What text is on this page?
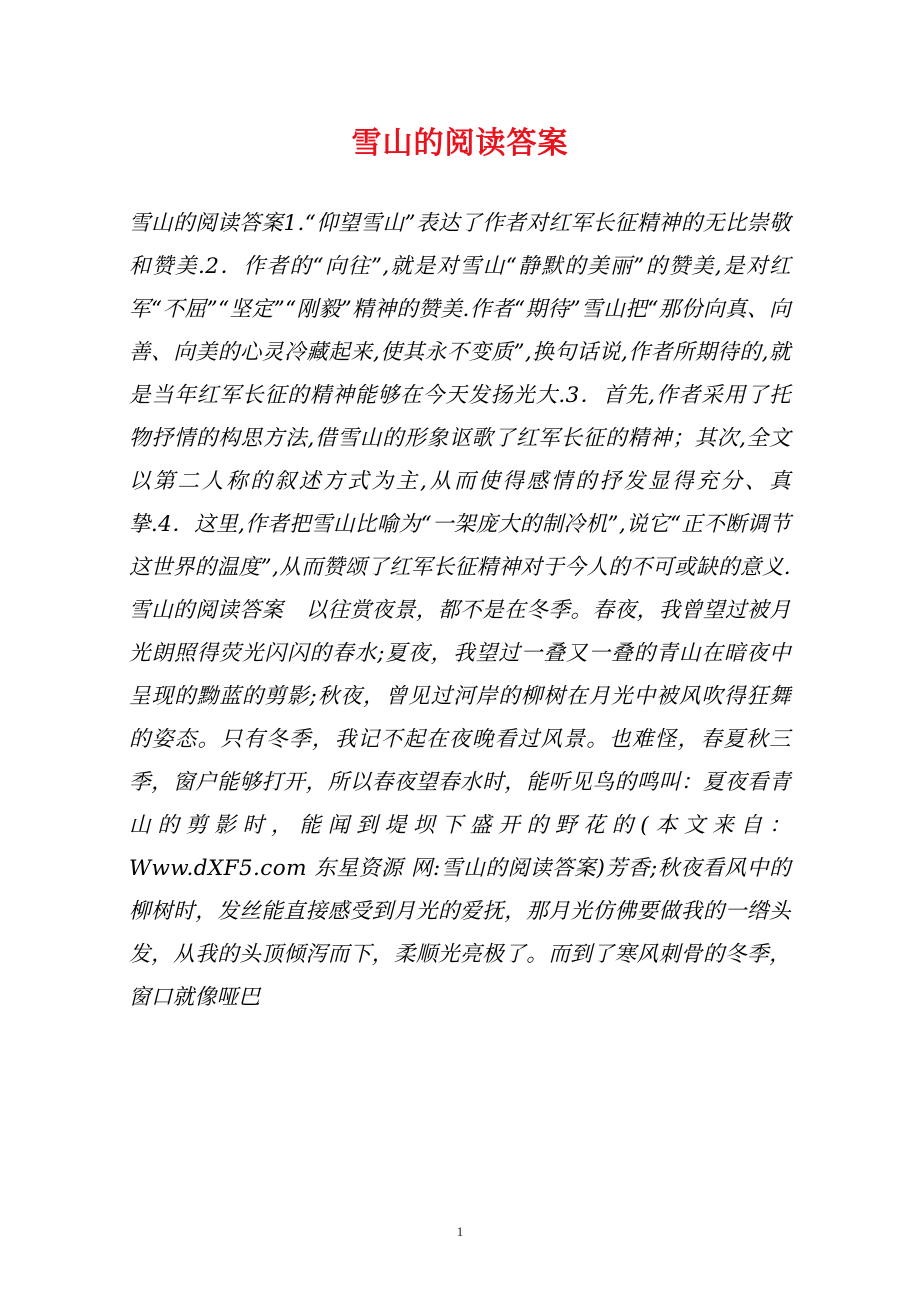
雪山的阅读答案

雪山的阅读答案1.“仰望雪山”表达了作者对红军长征精神的无比崇敬和赞美.2．作者的“向往”,就是对雪山“静默的美丽”的赞美,是对红军“不屈”“坚定”“刚毅”精神的赞美.作者“期待”雪山把“那份向真、向善、向美的心灵冷藏起来,使其永不变质”,换句话说,作者所期待的,就是当年红军长征的精神能够在今天发扬光大.3．首先,作者采用了托物抒情的构思方法,借雪山的形象讴歌了红军长征的精神；其次,全文以第二人称的叙述方式为主,从而使得感情的抒发显得充分、真挚.4．这里,作者把雪山比喻为“一架庞大的制冷机”,说它“正不断调节这世界的温度”,从而赞颂了红军长征精神对于今人的不可或缺的意义.雪山的阅读答案　以往赏夜景，都不是在冬季。春夜，我曾望过被月光朗照得荧光闪闪的春水;夏夜，我望过一叠又一叠的青山在暗夜中呈现的黝蓝的剪影;秋夜，曾见过河岸的柳树在月光中被风吹得狂舞的姿态。只有冬季，我记不起在夜晚看过风景。也难怪，春夏秋三季，窗户能够打开，所以春夜望春水时，能听见鸟的鸣叫：夏夜看青山的剪影时，能闻到堤坝下盛开的野花的(本文来自：Www.dXF5.com 东星资源 网:雪山的阅读答案)芳香;秋夜看风中的柳树时，发丝能直接感受到月光的爱抚，那月光仿佛要做我的一绺头发，从我的头顶倾泻而下，柔顺光亮极了。而到了寒风刺骨的冬季，窗口就像哑巴

1
